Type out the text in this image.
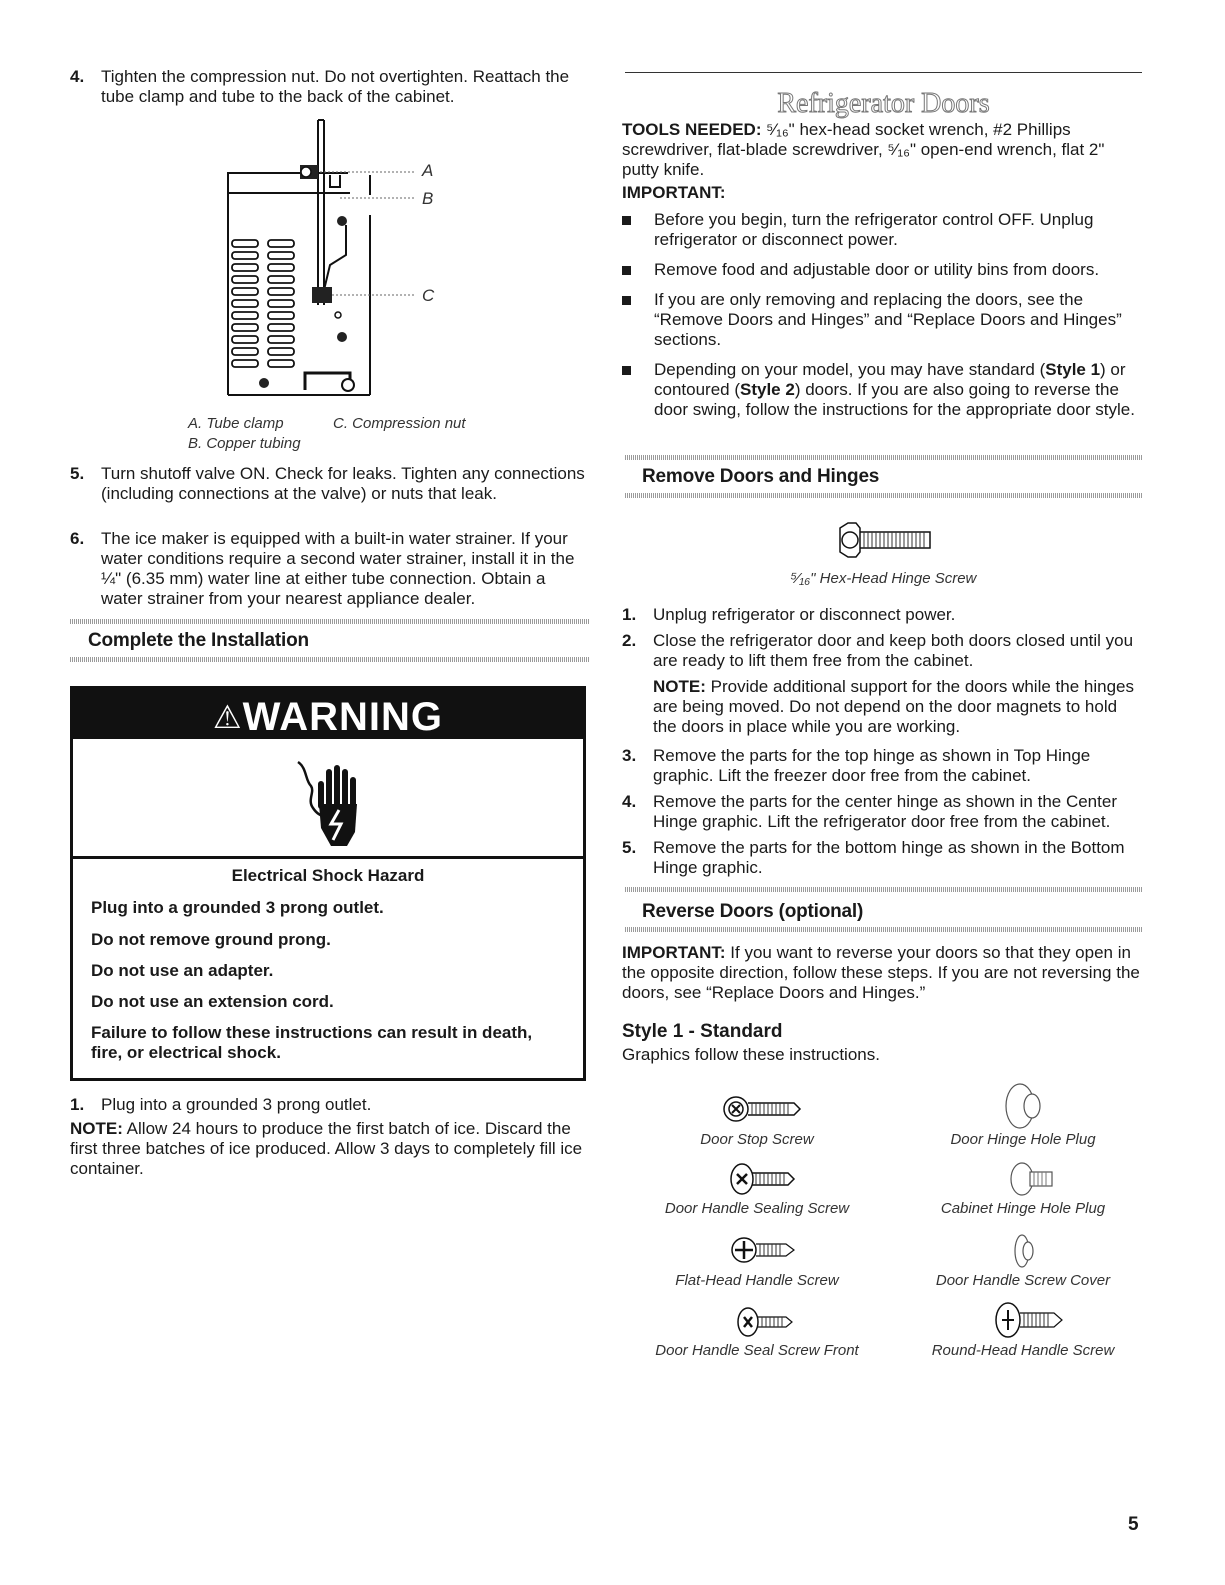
4. Tighten the compression nut. Do not overtighten. Reattach the tube clamp and tube to the back of the cabinet.
A
B
C
A. Tube clamp	C. Compression nut
B. Copper tubing
5. Turn shutoff valve ON. Check for leaks. Tighten any connections (including connections at the valve) or nuts that leak.
6. The ice maker is equipped with a built-in water strainer. If your water conditions require a second water strainer, install it in the ¼" (6.35 mm) water line at either tube connection. Obtain a water strainer from your nearest appliance dealer.
Complete the Installation
⚠WARNING
Electrical Shock Hazard
Plug into a grounded 3 prong outlet.
Do not remove ground prong.
Do not use an adapter.
Do not use an extension cord.
Failure to follow these instructions can result in death, fire, or electrical shock.
1. Plug into a grounded 3 prong outlet.
NOTE: Allow 24 hours to produce the first batch of ice. Discard the first three batches of ice produced. Allow 3 days to completely fill ice container.
Refrigerator Doors
TOOLS NEEDED: ⁵⁄₁₆" hex-head socket wrench, #2 Phillips screwdriver, flat-blade screwdriver, ⁵⁄₁₆" open-end wrench, flat 2" putty knife.
IMPORTANT:
Before you begin, turn the refrigerator control OFF. Unplug refrigerator or disconnect power.
Remove food and adjustable door or utility bins from doors.
If you are only removing and replacing the doors, see the “Remove Doors and Hinges” and “Replace Doors and Hinges” sections.
Depending on your model, you may have standard (Style 1) or contoured (Style 2) doors. If you are also going to reverse the door swing, follow the instructions for the appropriate door style.
Remove Doors and Hinges
⁵⁄₁₆" Hex-Head Hinge Screw
1. Unplug refrigerator or disconnect power.
2. Close the refrigerator door and keep both doors closed until you are ready to lift them free from the cabinet.
NOTE: Provide additional support for the doors while the hinges are being moved. Do not depend on the door magnets to hold the doors in place while you are working.
3. Remove the parts for the top hinge as shown in Top Hinge graphic. Lift the freezer door free from the cabinet.
4. Remove the parts for the center hinge as shown in the Center Hinge graphic. Lift the refrigerator door free from the cabinet.
5. Remove the parts for the bottom hinge as shown in the Bottom Hinge graphic.
Reverse Doors (optional)
IMPORTANT: If you want to reverse your doors so that they open in the opposite direction, follow these steps. If you are not reversing the doors, see “Replace Doors and Hinges.”
Style 1 - Standard
Graphics follow these instructions.
Door Stop Screw	Door Hinge Hole Plug
Door Handle Sealing Screw	Cabinet Hinge Hole Plug
Flat-Head Handle Screw	Door Handle Screw Cover
Door Handle Seal Screw Front	Round-Head Handle Screw
5
